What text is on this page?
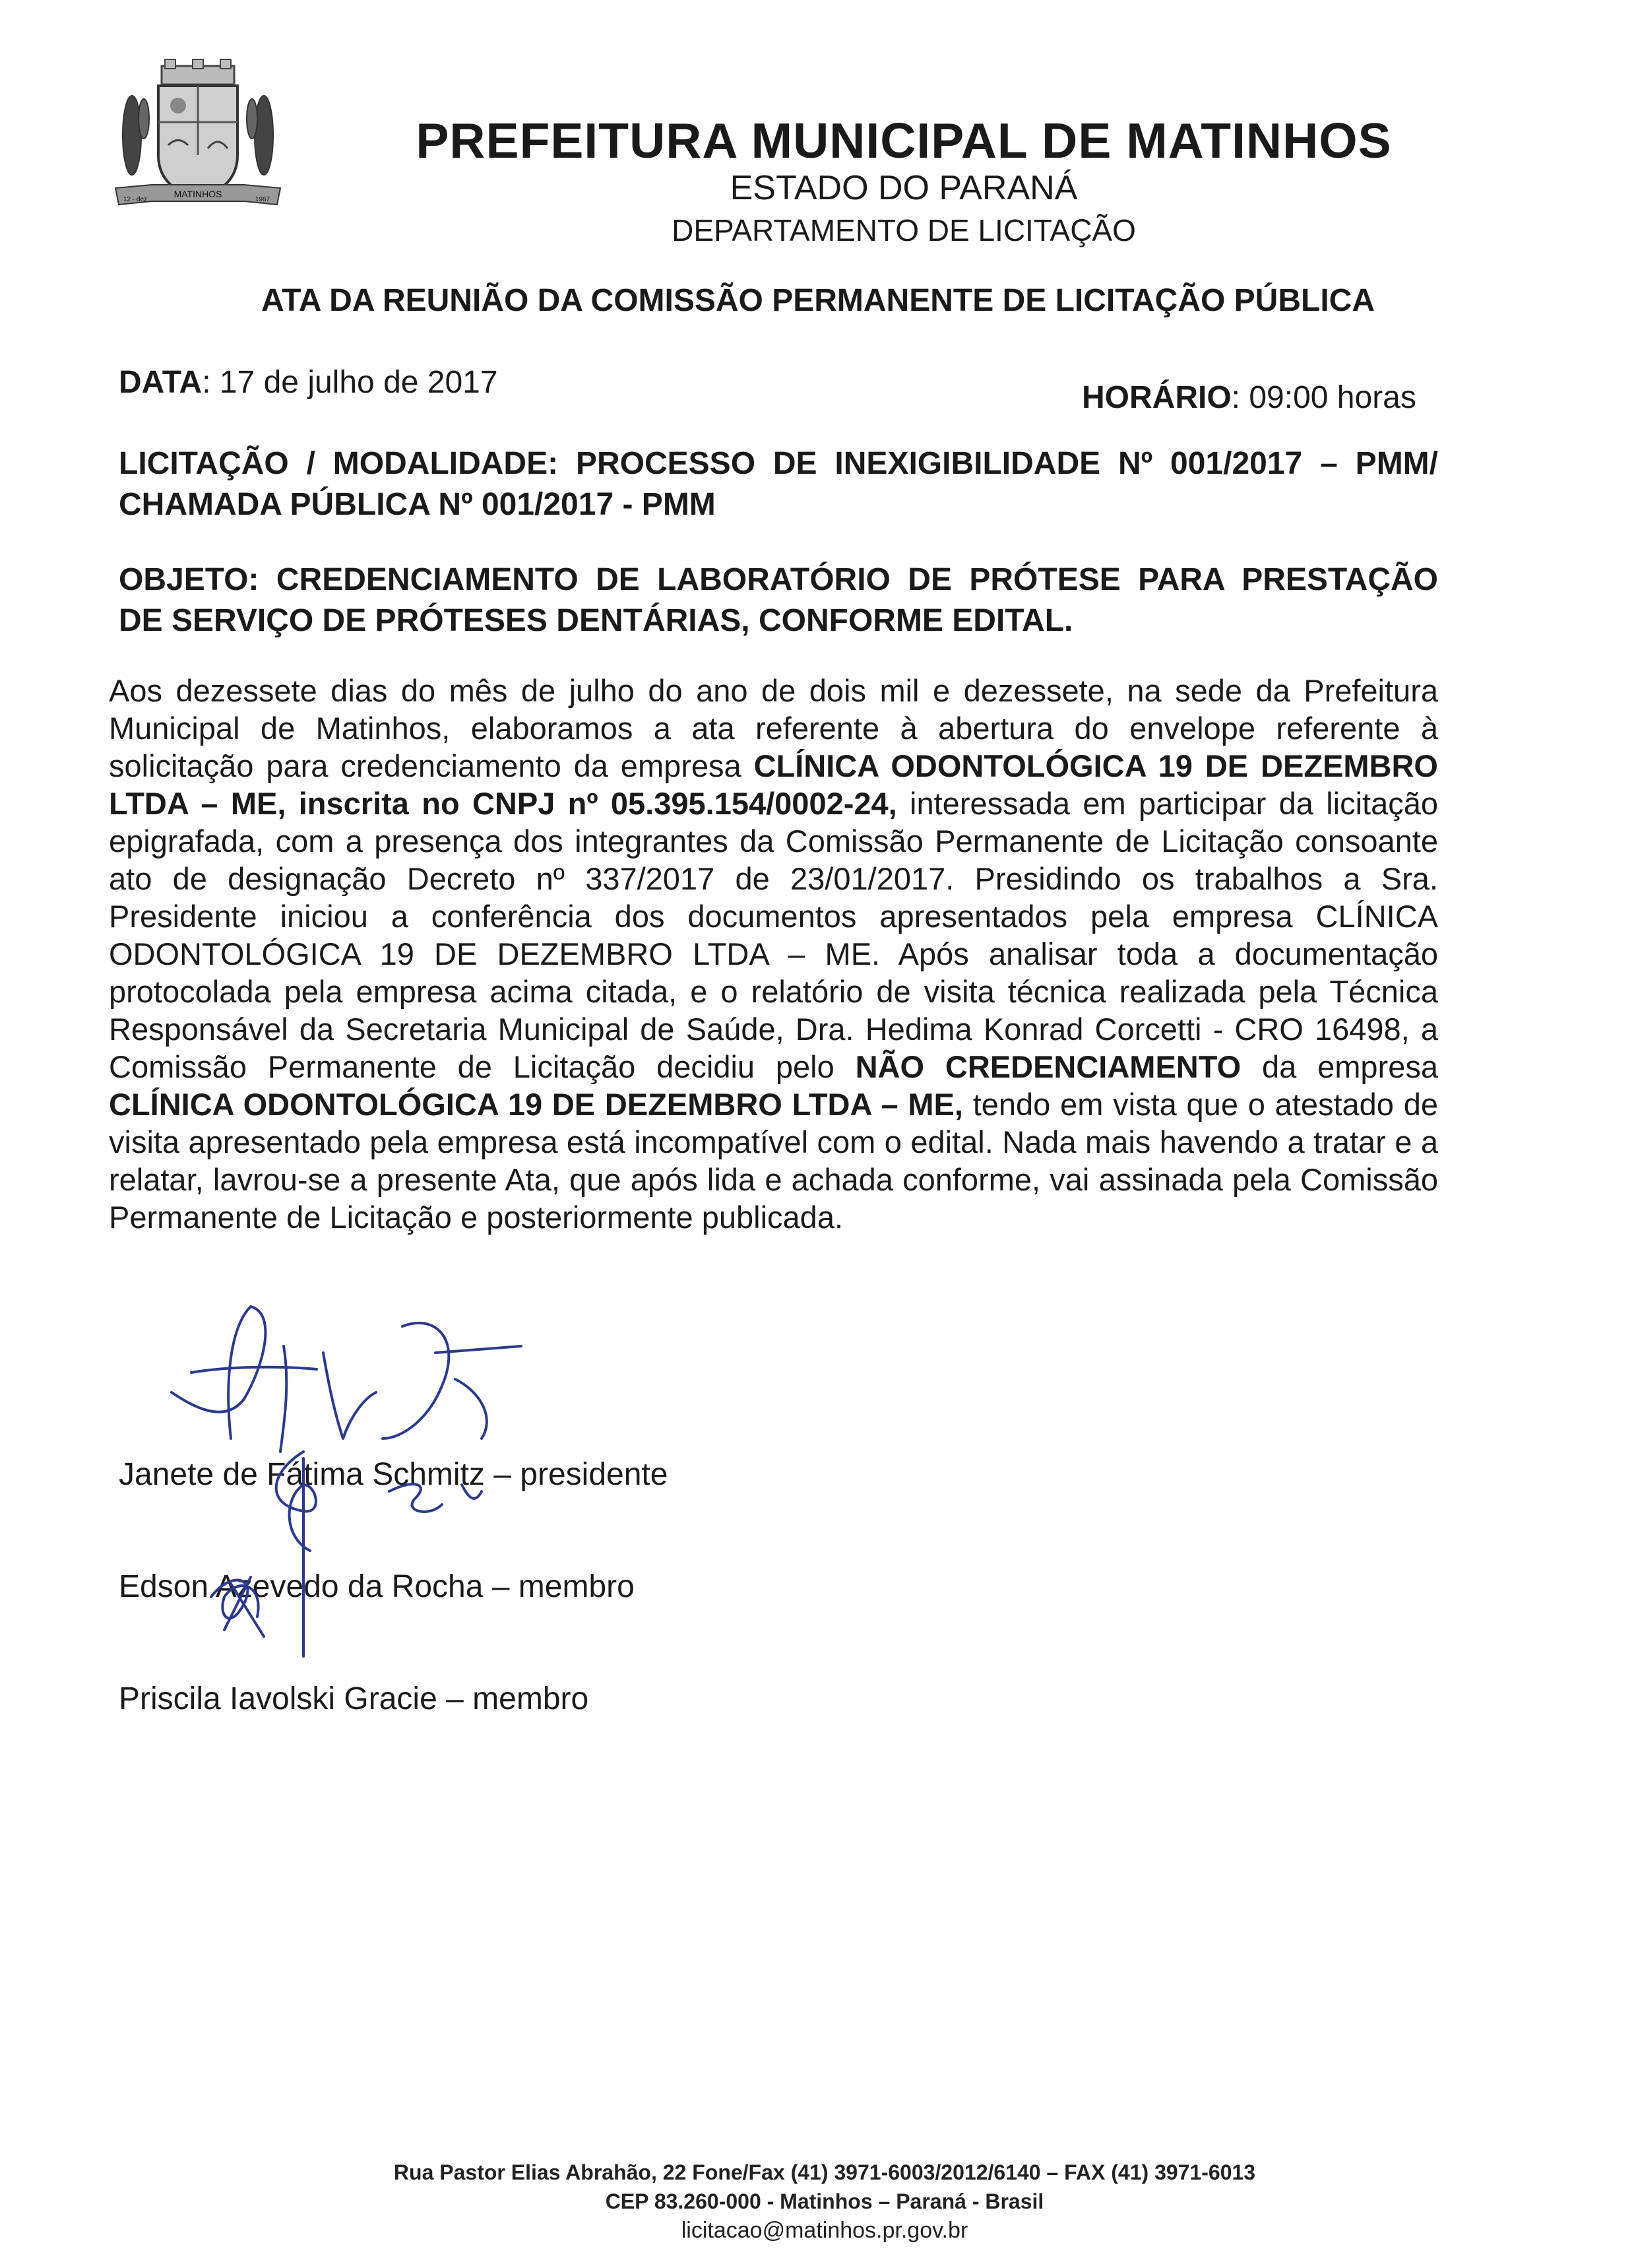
MATINHOS
12 - dez	1967
PREFEITURA MUNICIPAL DE MATINHOS
ESTADO DO PARANÁ
DEPARTAMENTO DE LICITAÇÃO
ATA DA REUNIÃO DA COMISSÃO PERMANENTE DE LICITAÇÃO PÚBLICA
DATA: 17 de julho de 2017	HORÁRIO: 09:00 horas
LICITAÇÃO / MODALIDADE: PROCESSO DE INEXIGIBILIDADE Nº 001/2017 – PMM/
CHAMADA PÚBLICA Nº 001/2017 - PMM
OBJETO: CREDENCIAMENTO DE LABORATÓRIO DE PRÓTESE PARA PRESTAÇÃO
DE SERVIÇO DE PRÓTESES DENTÁRIAS, CONFORME EDITAL.
Aos dezessete dias do mês de julho do ano de dois mil e dezessete, na sede da Prefeitura Municipal de Matinhos, elaboramos a ata referente à abertura do envelope referente à solicitação para credenciamento da empresa CLÍNICA ODONTOLÓGICA 19 DE DEZEMBRO LTDA – ME, inscrita no CNPJ nº 05.395.154/0002-24, interessada em participar da licitação epigrafada, com a presença dos integrantes da Comissão Permanente de Licitação consoante ato de designação Decreto nº 337/2017 de 23/01/2017. Presidindo os trabalhos a Sra. Presidente iniciou a conferência dos documentos apresentados pela empresa CLÍNICA ODONTOLÓGICA 19 DE DEZEMBRO LTDA – ME. Após analisar toda a documentação protocolada pela empresa acima citada, e o relatório de visita técnica realizada pela Técnica Responsável da Secretaria Municipal de Saúde, Dra. Hedima Konrad Corcetti - CRO 16498, a Comissão Permanente de Licitação decidiu pelo NÃO CREDENCIAMENTO da empresa CLÍNICA ODONTOLÓGICA 19 DE DEZEMBRO LTDA – ME, tendo em vista que o atestado de visita apresentado pela empresa está incompatível com o edital. Nada mais havendo a tratar e a relatar, lavrou-se a presente Ata, que após lida e achada conforme, vai assinada pela Comissão Permanente de Licitação e posteriormente publicada.
Janete de Fátima Schmitz – presidente
Edson Azevedo da Rocha – membro
Priscila Iavolski Gracie – membro
Rua Pastor Elias Abrahão, 22 Fone/Fax (41) 3971-6003/2012/6140 – FAX (41) 3971-6013
CEP 83.260-000 - Matinhos – Paraná - Brasil
licitacao@matinhos.pr.gov.br
